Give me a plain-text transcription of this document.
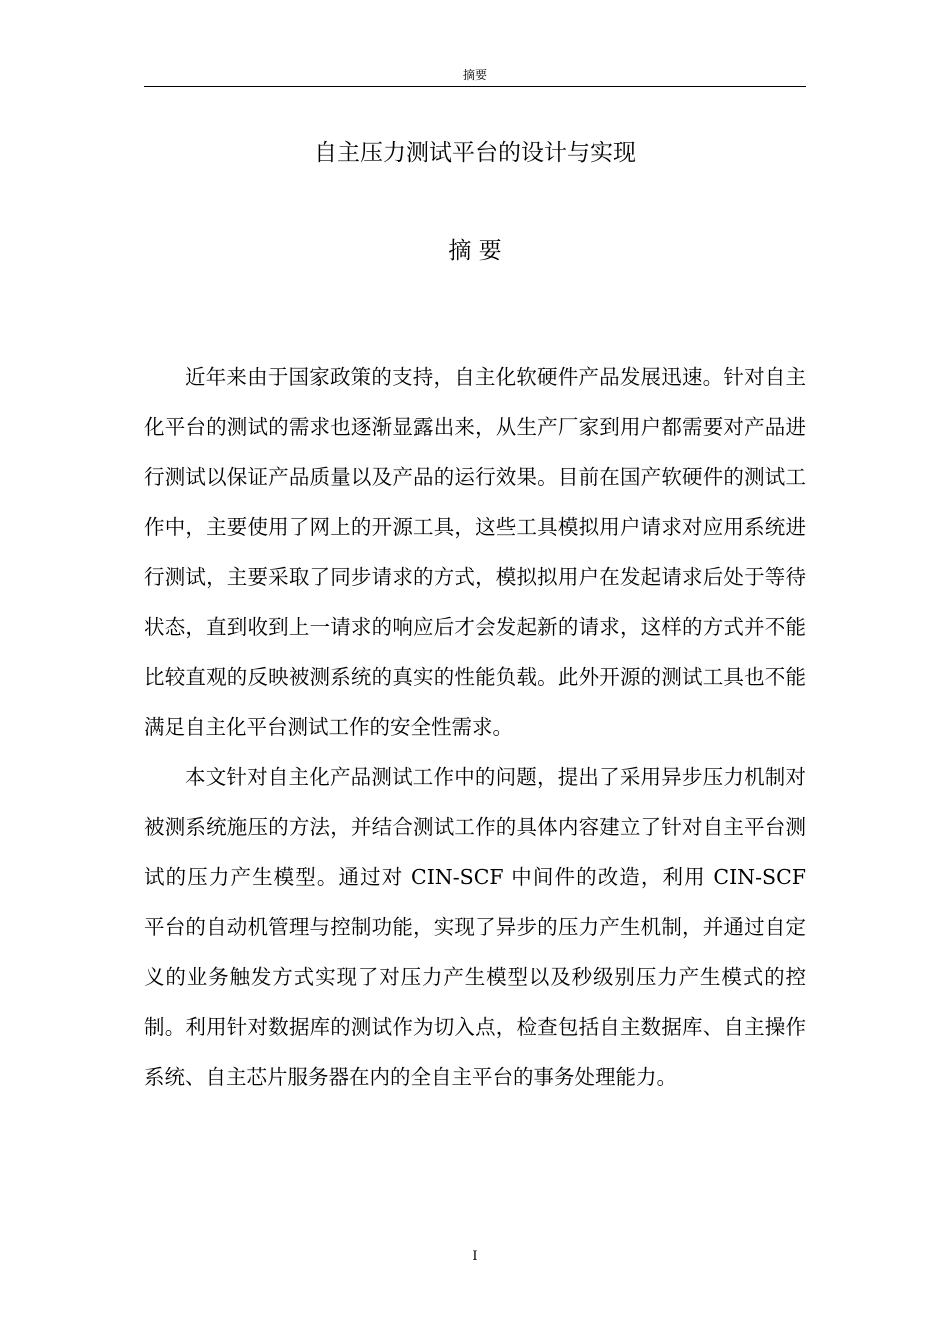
摘要
自主压力测试平台的设计与实现
摘 要

近年来由于国家政策的支持，自主化软硬件产品发展迅速。针对自主化平台的测试的需求也逐渐显露出来，从生产厂家到用户都需要对产品进行测试以保证产品质量以及产品的运行效果。目前在国产软硬件的测试工作中，主要使用了网上的开源工具，这些工具模拟用户请求对应用系统进行测试，主要采取了同步请求的方式，模拟拟用户在发起请求后处于等待状态，直到收到上一请求的响应后才会发起新的请求，这样的方式并不能比较直观的反映被测系统的真实的性能负载。此外开源的测试工具也不能满足自主化平台测试工作的安全性需求。

本文针对自主化产品测试工作中的问题，提出了采用异步压力机制对被测系统施压的方法，并结合测试工作的具体内容建立了针对自主平台测试的压力产生模型。通过对 CIN-SCF 中间件的改造，利用 CIN-SCF 平台的自动机管理与控制功能，实现了异步的压力产生机制，并通过自定义的业务触发方式实现了对压力产生模型以及秒级别压力产生模式的控制。利用针对数据库的测试作为切入点，检查包括自主数据库、自主操作系统、自主芯片服务器在内的全自主平台的事务处理能力。

I
